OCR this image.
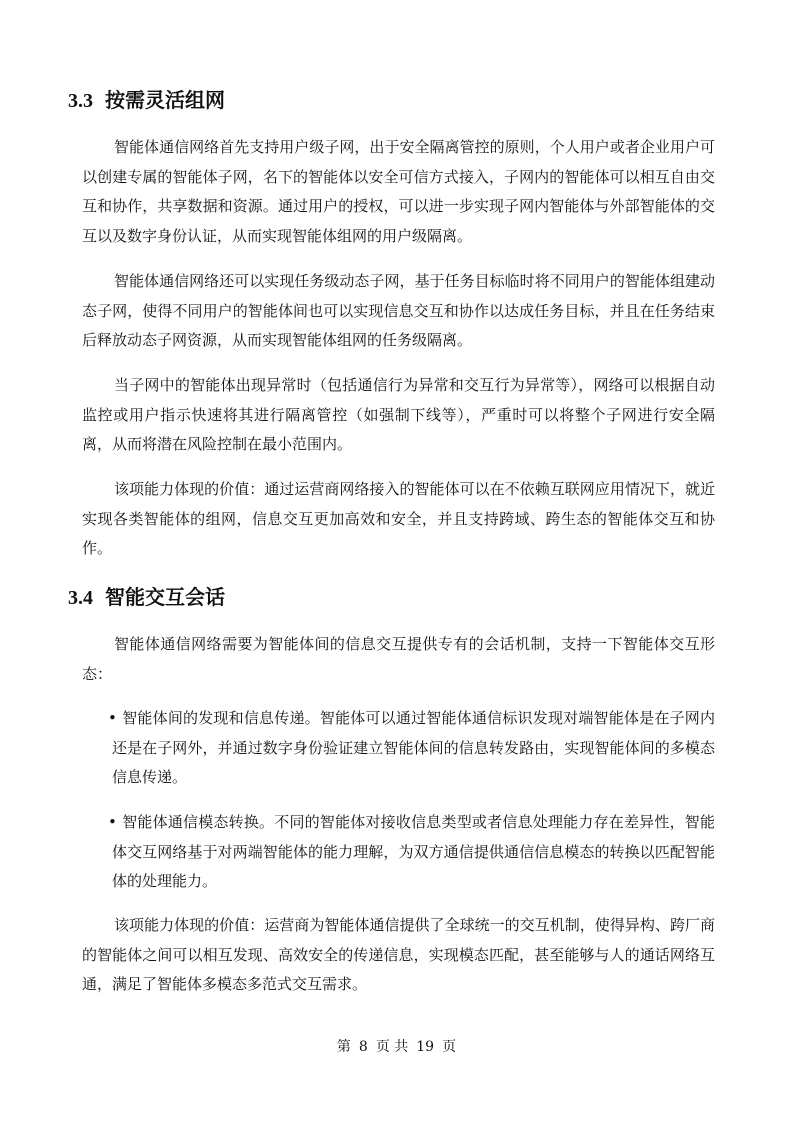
3.3 按需灵活组网

智能体通信网络首先支持用户级子网，出于安全隔离管控的原则，个人用户或者企业用户可以创建专属的智能体子网，名下的智能体以安全可信方式接入，子网内的智能体可以相互自由交互和协作，共享数据和资源。通过用户的授权，可以进一步实现子网内智能体与外部智能体的交互以及数字身份认证，从而实现智能体组网的用户级隔离。

智能体通信网络还可以实现任务级动态子网，基于任务目标临时将不同用户的智能体组建动态子网，使得不同用户的智能体间也可以实现信息交互和协作以达成任务目标，并且在任务结束后释放动态子网资源，从而实现智能体组网的任务级隔离。

当子网中的智能体出现异常时（包括通信行为异常和交互行为异常等），网络可以根据自动监控或用户指示快速将其进行隔离管控（如强制下线等），严重时可以将整个子网进行安全隔离，从而将潜在风险控制在最小范围内。

该项能力体现的价值：通过运营商网络接入的智能体可以在不依赖互联网应用情况下，就近实现各类智能体的组网，信息交互更加高效和安全，并且支持跨域、跨生态的智能体交互和协作。

3.4 智能交互会话

智能体通信网络需要为智能体间的信息交互提供专有的会话机制，支持一下智能体交互形态：

• 智能体间的发现和信息传递。智能体可以通过智能体通信标识发现对端智能体是在子网内还是在子网外，并通过数字身份验证建立智能体间的信息转发路由，实现智能体间的多模态信息传递。

• 智能体通信模态转换。不同的智能体对接收信息类型或者信息处理能力存在差异性，智能体交互网络基于对两端智能体的能力理解，为双方通信提供通信信息模态的转换以匹配智能体的处理能力。

该项能力体现的价值：运营商为智能体通信提供了全球统一的交互机制，使得异构、跨厂商的智能体之间可以相互发现、高效安全的传递信息，实现模态匹配，甚至能够与人的通话网络互通，满足了智能体多模态多范式交互需求。

第 8 页 共 19 页
